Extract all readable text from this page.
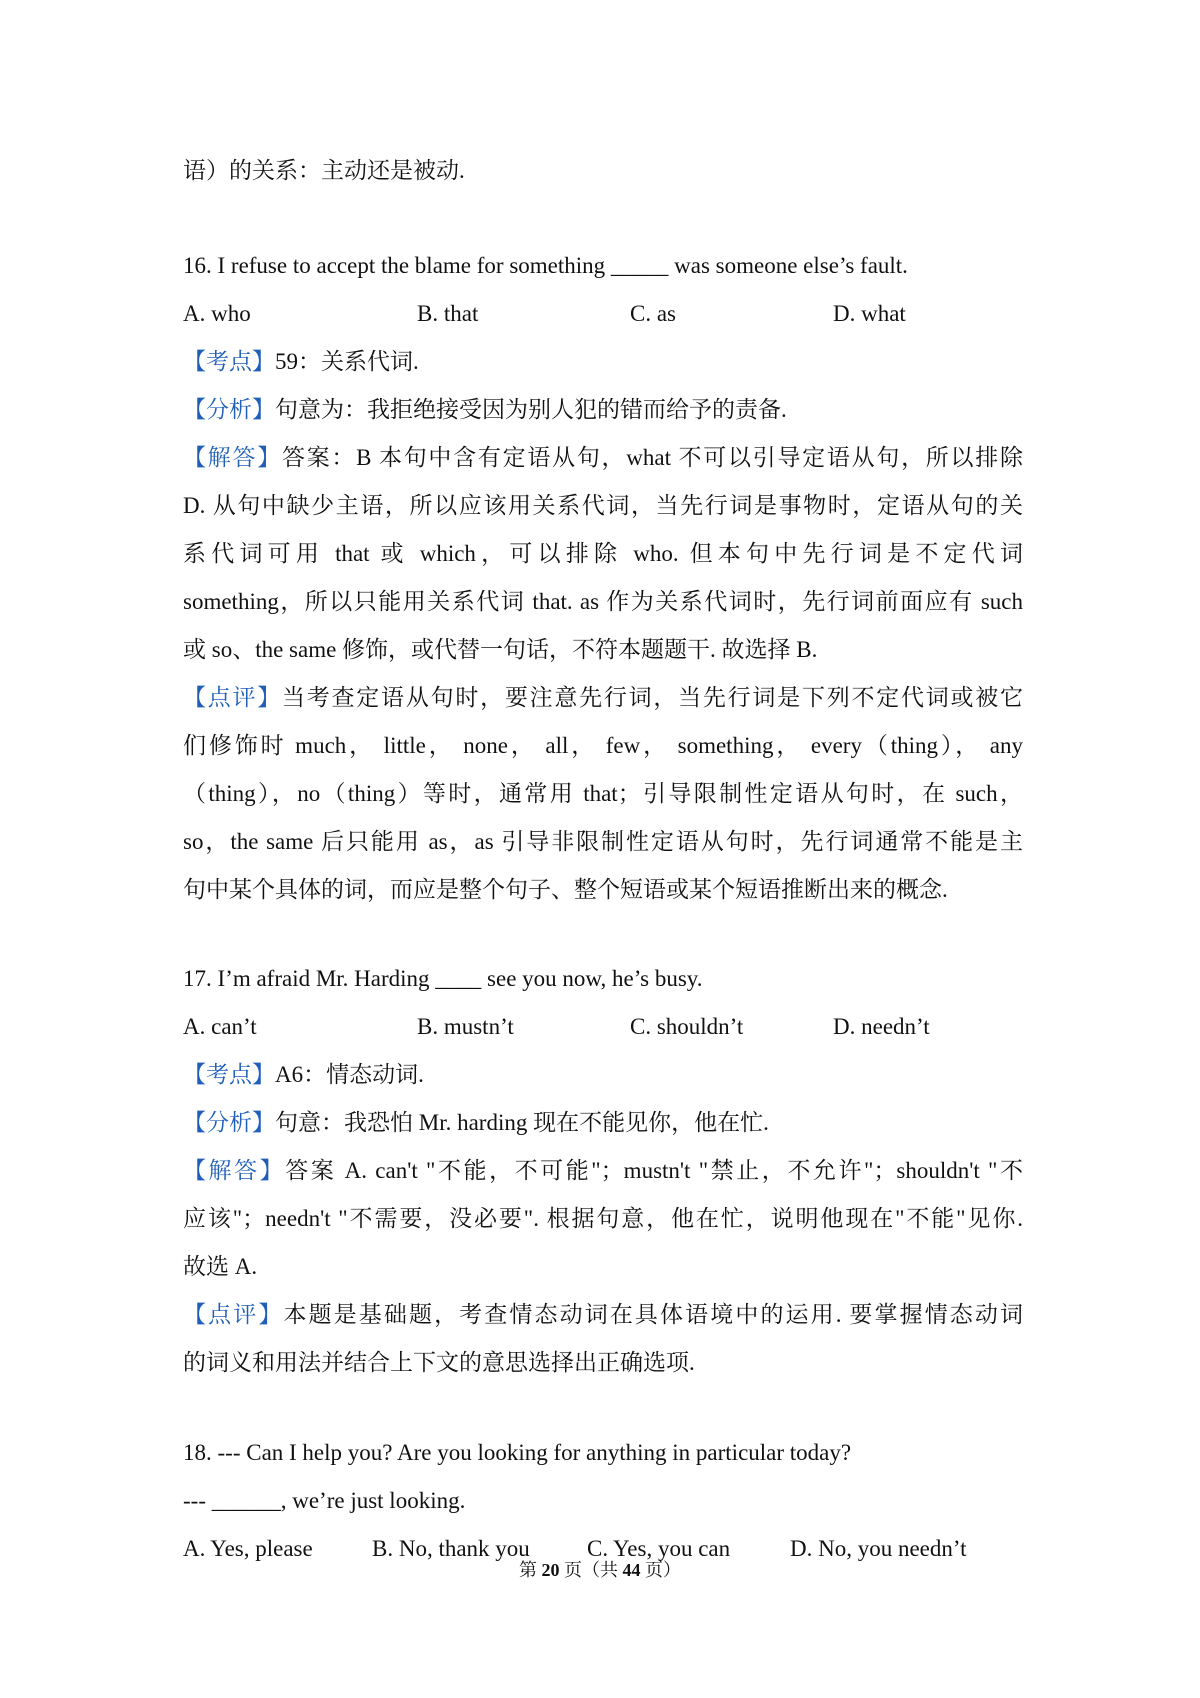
语）的关系：主动还是被动.
16. I refuse to accept the blame for something _____ was someone else’s fault.
A. who	B. that	C. as	D. what
【考点】59：关系代词.
【分析】句意为：我拒绝接受因为别人犯的错而给予的责备.
【解答】答案：B 本句中含有定语从句，what 不可以引导定语从句，所以排除
D. 从句中缺少主语，所以应该用关系代词，当先行词是事物时，定语从句的关
系代词可用 that 或 which，可以排除 who. 但本句中先行词是不定代词
something，所以只能用关系代词 that. as 作为关系代词时，先行词前面应有 such
或 so、the same 修饰，或代替一句话，不符本题题干. 故选择 B.
【点评】当考查定语从句时，要注意先行词，当先行词是下列不定代词或被它
们修饰时 much， little， none， all， few， something， every（thing）， any
（thing），no（thing）等时，通常用 that；引导限制性定语从句时，在 such，
so，the same 后只能用 as，as 引导非限制性定语从句时，先行词通常不能是主
句中某个具体的词，而应是整个句子、整个短语或某个短语推断出来的概念.
17. I’m afraid Mr. Harding ____ see you now, he’s busy.
A. can’t	B. mustn’t	C. shouldn’t	D. needn’t
【考点】A6：情态动词.
【分析】句意：我恐怕 Mr. harding 现在不能见你，他在忙.
【解答】答案 A. can't "不能，不可能"；mustn't "禁止，不允许"；shouldn't "不
应该"；needn't "不需要，没必要". 根据句意，他在忙，说明他现在"不能"见你.
故选 A.
【点评】本题是基础题，考查情态动词在具体语境中的运用. 要掌握情态动词
的词义和用法并结合上下文的意思选择出正确选项.
18. --- Can I help you? Are you looking for anything in particular today?
--- ______, we’re just looking.
A. Yes, please	B. No, thank you C. Yes, you can	D. No, you needn’t
第 20 页（共 44 页）
